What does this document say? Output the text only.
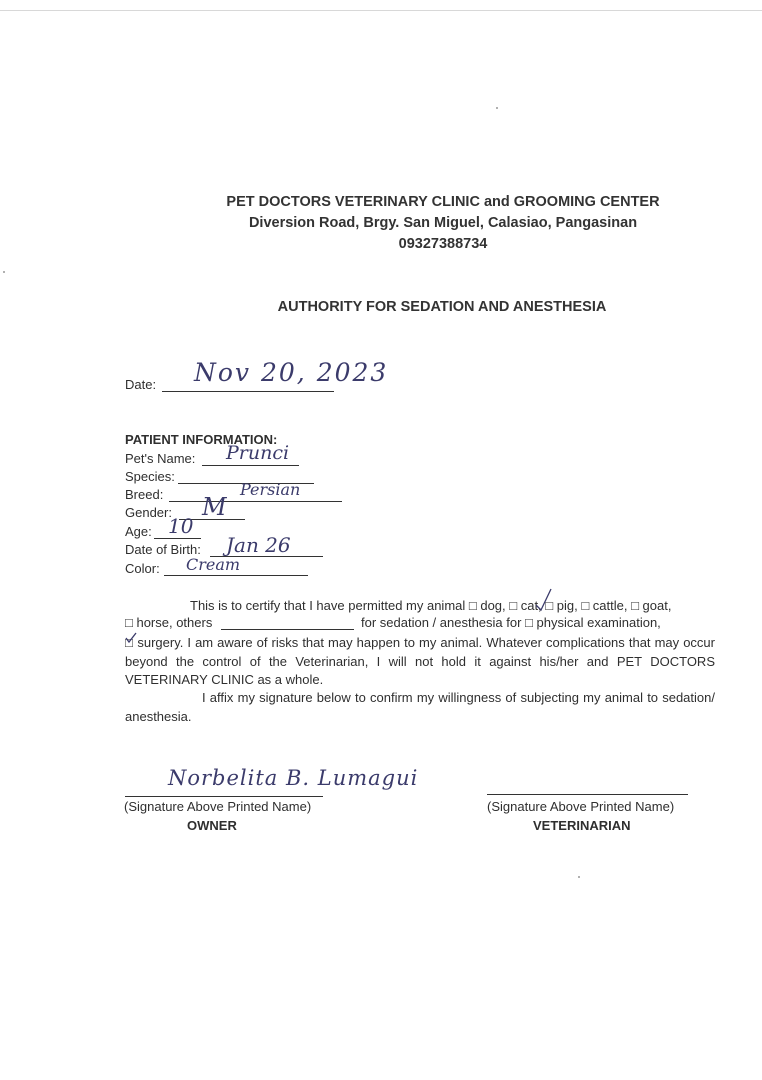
PET DOCTORS VETERINARY CLINIC and GROOMING CENTER
Diversion Road, Brgy. San Miguel, Calasiao, Pangasinan
09327388734
AUTHORITY FOR SEDATION AND ANESTHESIA
Date: Nov 20, 2023
PATIENT INFORMATION:
Pet's Name: Prunci
Species:
Breed:	Persian
Gender: M
Age: 10
Date of Birth: Jan 26
Color: Cream

This is to certify that I have permitted my animal □ dog, □ cat, □ pig, □ cattle, □ goat,

□ horse, others	for sedation / anesthesia for □ physical examination,
□ surgery. I am aware of risks that may happen to my animal. Whatever complications that may occur beyond the control of the Veterinarian, I will not hold it against his/her and PET DOCTORS VETERINARY CLINIC as a whole.

I affix my signature below to confirm my willingness of subjecting my animal to sedation/ anesthesia.

Norbelita B. Lumagui
(Signature Above Printed Name)
OWNER
(Signature Above Printed Name)
VETERINARIAN
